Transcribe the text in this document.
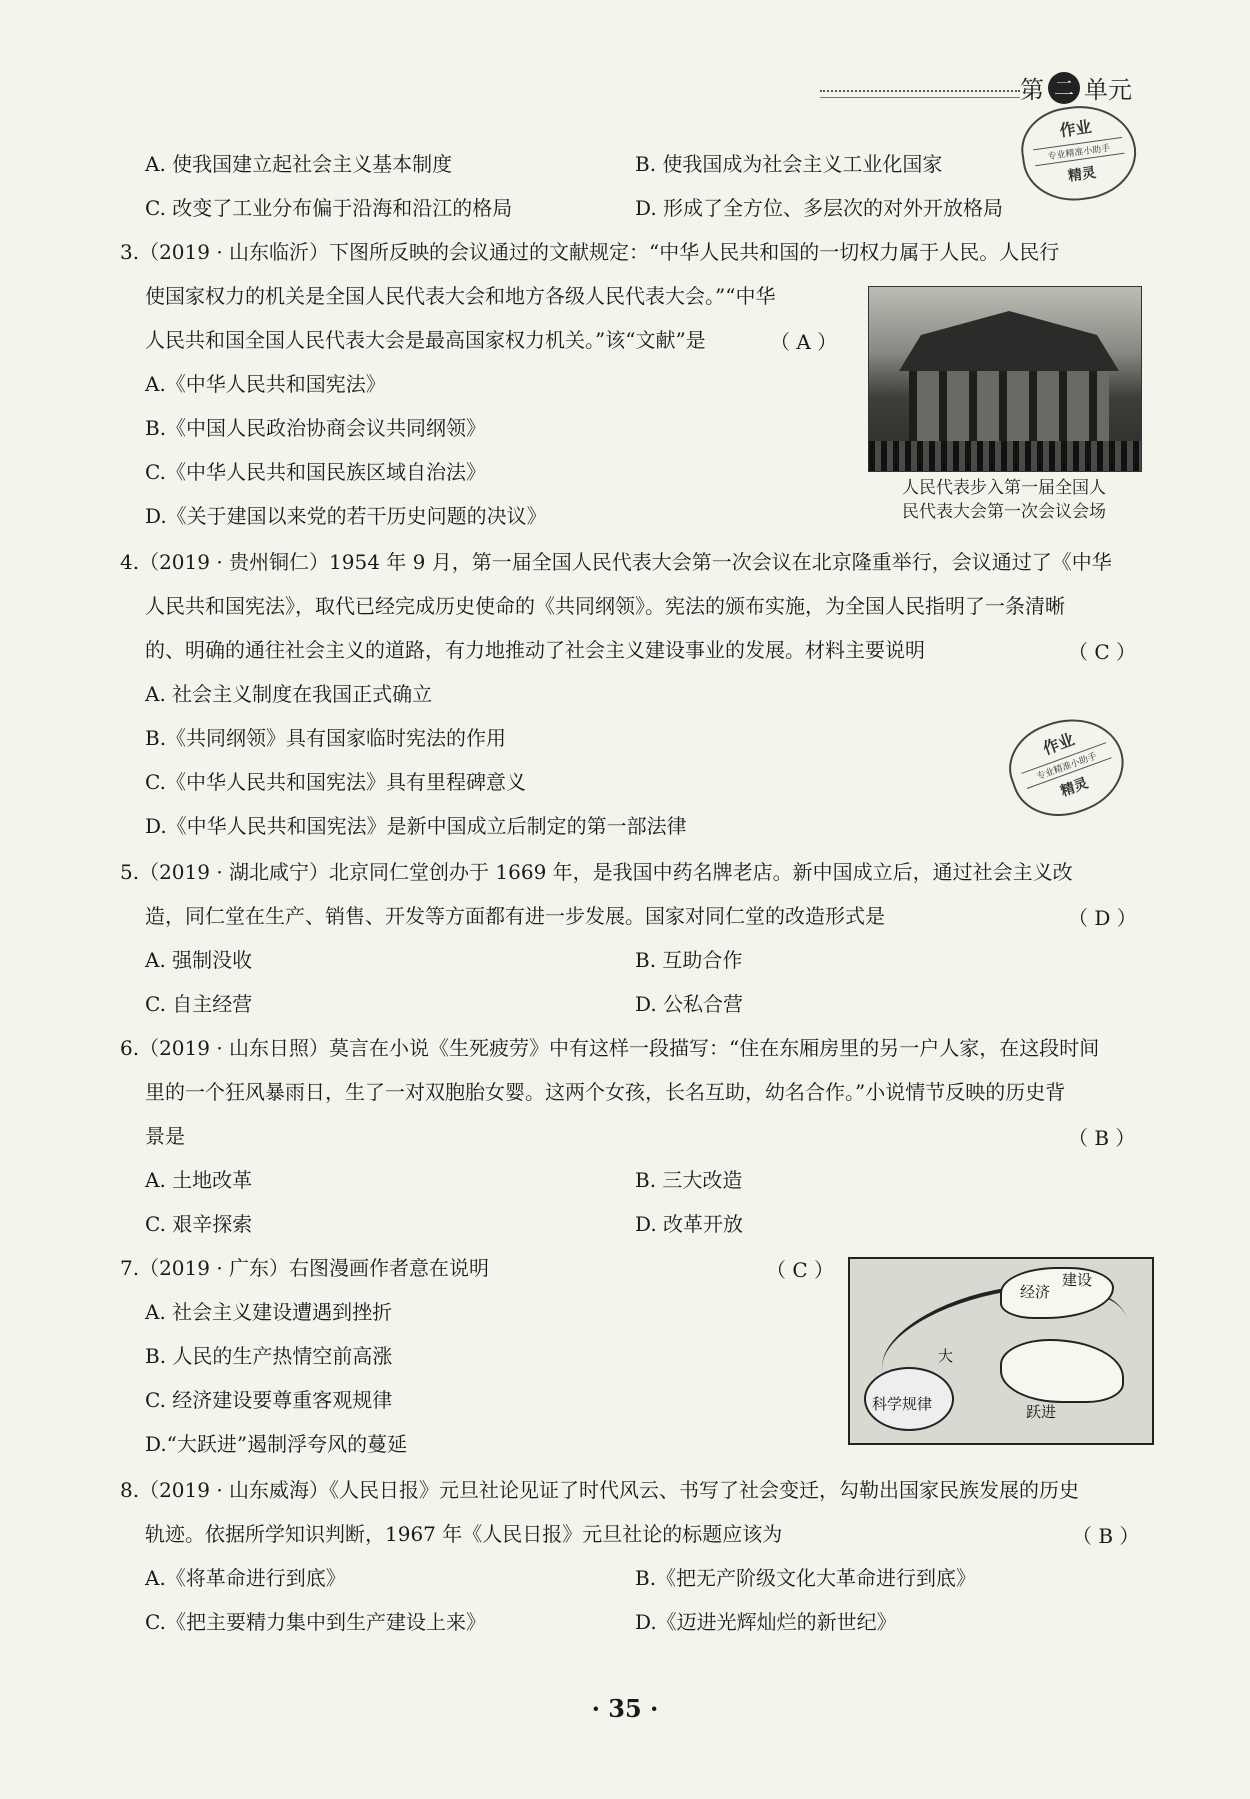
第 二 单元
作业
专业精准小助手
精灵
作业
专业精准小助手
精灵
A. 使我国建立起社会主义基本制度	B. 使我国成为社会主义工业化国家
C. 改变了工业分布偏于沿海和沿江的格局	D. 形成了全方位、多层次的对外开放格局
3.（2019 · 山东临沂）下图所反映的会议通过的文献规定：“中华人民共和国的一切权力属于人民。人民行
使国家权力的机关是全国人民代表大会和地方各级人民代表大会。”“中华
人民共和国全国人民代表大会是最高国家权力机关。”该“文献”是	（ A ）
A.《中华人民共和国宪法》
B.《中国人民政治协商会议共同纲领》
C.《中华人民共和国民族区域自治法》
D.《关于建国以来党的若干历史问题的决议》
人民代表步入第一届全国人
民代表大会第一次会议会场
4.（2019 · 贵州铜仁）1954 年 9 月，第一届全国人民代表大会第一次会议在北京隆重举行，会议通过了《中华
人民共和国宪法》，取代已经完成历史使命的《共同纲领》。宪法的颁布实施，为全国人民指明了一条清晰
的、明确的通往社会主义的道路，有力地推动了社会主义建设事业的发展。材料主要说明	（ C ）
A. 社会主义制度在我国正式确立
B.《共同纲领》具有国家临时宪法的作用
C.《中华人民共和国宪法》具有里程碑意义
D.《中华人民共和国宪法》是新中国成立后制定的第一部法律
5.（2019 · 湖北咸宁）北京同仁堂创办于 1669 年，是我国中药名牌老店。新中国成立后，通过社会主义改
造，同仁堂在生产、销售、开发等方面都有进一步发展。国家对同仁堂的改造形式是	（ D ）
A. 强制没收	B. 互助合作
C. 自主经营	D. 公私合营
6.（2019 · 山东日照）莫言在小说《生死疲劳》中有这样一段描写：“住在东厢房里的另一户人家，在这段时间
里的一个狂风暴雨日，生了一对双胞胎女婴。这两个女孩，长名互助，幼名合作。”小说情节反映的历史背
景是	（ B ）
A. 土地改革	B. 三大改造
C. 艰辛探索	D. 改革开放
7.（2019 · 广东）右图漫画作者意在说明	（ C ）
A. 社会主义建设遭遇到挫折
B. 人民的生产热情空前高涨
C. 经济建设要尊重客观规律
D.“大跃进”遏制浮夸风的蔓延
经济
建设
大
跃进
科学规律
8.（2019 · 山东威海）《人民日报》元旦社论见证了时代风云、书写了社会变迁，勾勒出国家民族发展的历史
轨迹。依据所学知识判断，1967 年《人民日报》元旦社论的标题应该为	（ B ）
A.《将革命进行到底》	B.《把无产阶级文化大革命进行到底》
C.《把主要精力集中到生产建设上来》	D.《迈进光辉灿烂的新世纪》
· 35 ·
